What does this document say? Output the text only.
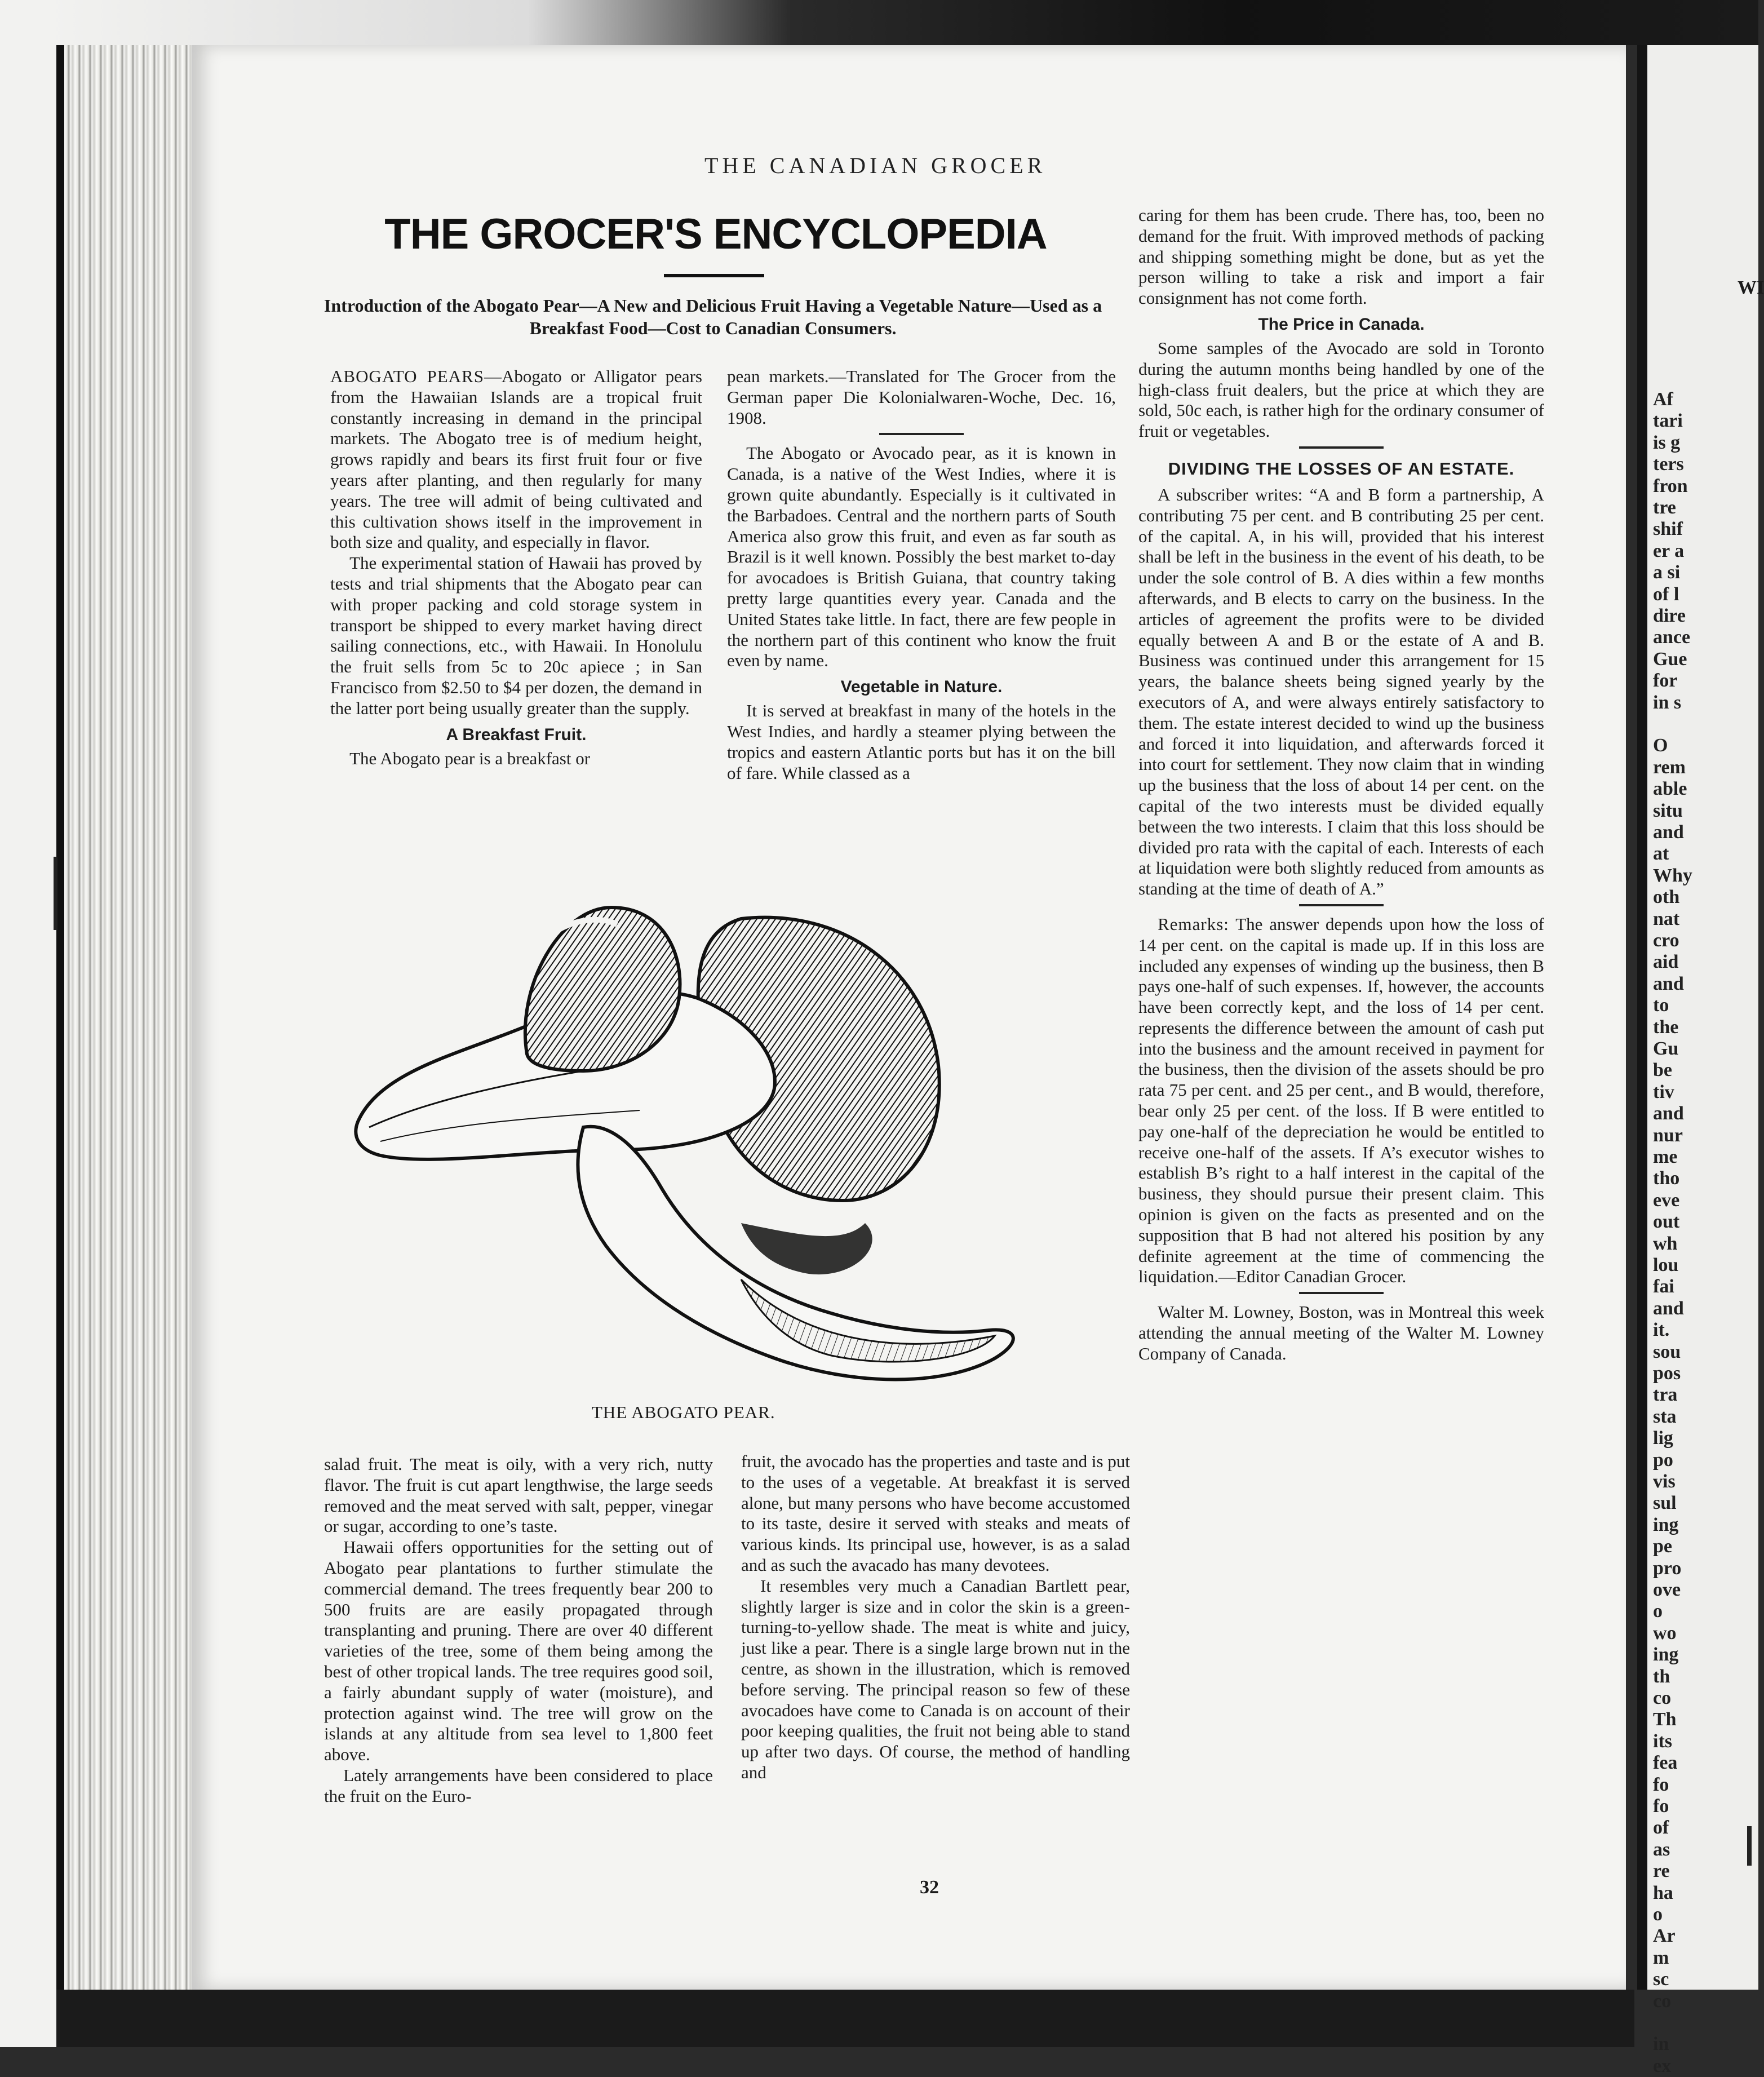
WI
Af
tari
is g
ters
fron
tre
shif
er a
a si
of l
dire
ance
Gue
for
in s
O
rem
able
situ
and
at
Why
oth
nat
cro
aid
and
to
the
Gu
be
tiv
and
nur
me
tho
eve
out
wh
lou
fai
and
it.
sou
pos
tra
sta
lig
po
vis
sul
ing
pe
pro
ove
o
wo
ing
th
co
Th
its
fea
fo
fo
of
as
re
ha
o
Ar
m
sc
co
in
ex
THE CANADIAN GROCER
THE GROCER'S ENCYCLOPEDIA
Introduction of the Abogato Pear—A New and Delicious Fruit Having a Vegetable Nature—Used as a Breakfast Food—Cost to Canadian Consumers.

ABOGATO PEARS—Abogato or Alligator pears from the Hawaiian Islands are a tropical fruit constantly increasing in demand in the principal markets. The Abogato tree is of medium height, grows rapidly and bears its first fruit four or five years after planting, and then regularly for many years. The tree will admit of being cultivated and this cultivation shows itself in the improvement in both size and quality, and especially in flavor.

The experimental station of Hawaii has proved by tests and trial shipments that the Abogato pear can with proper packing and cold storage system in transport be shipped to every market having direct sailing connections, etc., with Hawaii. In Honolulu the fruit sells from 5c to 20c apiece ; in San Francisco from $2.50 to $4 per dozen, the demand in the latter port being usually greater than the supply.

A Breakfast Fruit.

The Abogato pear is a breakfast or

pean markets.—Translated for The Grocer from the German paper Die Kolonialwaren-Woche, Dec. 16, 1908.

The Abogato or Avocado pear, as it is known in Canada, is a native of the West Indies, where it is grown quite abundantly. Especially is it cultivated in the Barbadoes. Central and the northern parts of South America also grow this fruit, and even as far south as Brazil is it well known. Possibly the best market to-day for avocadoes is British Guiana, that country taking pretty large quantities every year. Canada and the United States take little. In fact, there are few people in the northern part of this continent who know the fruit even by name.

Vegetable in Nature.

It is served at breakfast in many of the hotels in the West Indies, and hardly a steamer plying between the tropics and eastern Atlantic ports but has it on the bill of fare. While classed as a

caring for them has been crude. There has, too, been no demand for the fruit. With improved methods of packing and shipping something might be done, but as yet the person willing to take a risk and import a fair consignment has not come forth.

The Price in Canada.

Some samples of the Avocado are sold in Toronto during the autumn months being handled by one of the high-class fruit dealers, but the price at which they are sold, 50c each, is rather high for the ordinary consumer of fruit or vegetables.

DIVIDING THE LOSSES OF AN ESTATE.

A subscriber writes: “A and B form a partnership, A contributing 75 per cent. and B contributing 25 per cent. of the capital. A, in his will, provided that his interest shall be left in the business in the event of his death, to be under the sole control of B. A dies within a few months afterwards, and B elects to carry on the business. In the articles of agreement the profits were to be divided equally between A and B or the estate of A and B. Business was continued under this arrangement for 15 years, the balance sheets being signed yearly by the executors of A, and were always entirely satisfactory to them. The estate interest decided to wind up the business and forced it into liquidation, and afterwards forced it into court for settlement. They now claim that in winding up the business that the loss of about 14 per cent. on the capital of the two interests must be divided equally between the two interests. I claim that this loss should be divided pro rata with the capital of each. Interests of each at liquidation were both slightly reduced from amounts as standing at the time of death of A.”

Remarks: The answer depends upon how the loss of 14 per cent. on the capital is made up. If in this loss are included any expenses of winding up the business, then B pays one-half of such expenses. If, however, the accounts have been correctly kept, and the loss of 14 per cent. represents the difference between the amount of cash put into the business and the amount received in payment for the business, then the division of the assets should be pro rata 75 per cent. and 25 per cent., and B would, therefore, bear only 25 per cent. of the loss. If B were entitled to pay one-half of the depreciation he would be entitled to receive one-half of the assets. If A’s executor wishes to establish B’s right to a half interest in the capital of the business, they should pursue their present claim. This opinion is given on the facts as presented and on the supposition that B had not altered his position by any definite agreement at the time of commencing the liquidation.—Editor Canadian Grocer.

Walter M. Lowney, Boston, was in Montreal this week attending the annual meeting of the Walter M. Lowney Company of Canada.

THE ABOGATO PEAR.

salad fruit. The meat is oily, with a very rich, nutty flavor. The fruit is cut apart lengthwise, the large seeds removed and the meat served with salt, pepper, vinegar or sugar, according to one’s taste.

Hawaii offers opportunities for the setting out of Abogato pear plantations to further stimulate the commercial demand. The trees frequently bear 200 to 500 fruits are are easily propagated through transplanting and pruning. There are over 40 different varieties of the tree, some of them being among the best of other tropical lands. The tree requires good soil, a fairly abundant supply of water (moisture), and protection against wind. The tree will grow on the islands at any altitude from sea level to 1,800 feet above.

Lately arrangements have been considered to place the fruit on the Euro-

fruit, the avocado has the properties and taste and is put to the uses of a vegetable. At breakfast it is served alone, but many persons who have become accustomed to its taste, desire it served with steaks and meats of various kinds. Its principal use, however, is as a salad and as such the avacado has many devotees.

It resembles very much a Canadian Bartlett pear, slightly larger is size and in color the skin is a green-turning-to-yellow shade. The meat is white and juicy, just like a pear. There is a single large brown nut in the centre, as shown in the illustration, which is removed before serving. The principal reason so few of these avocadoes have come to Canada is on account of their poor keeping qualities, the fruit not being able to stand up after two days. Of course, the method of handling and

32
